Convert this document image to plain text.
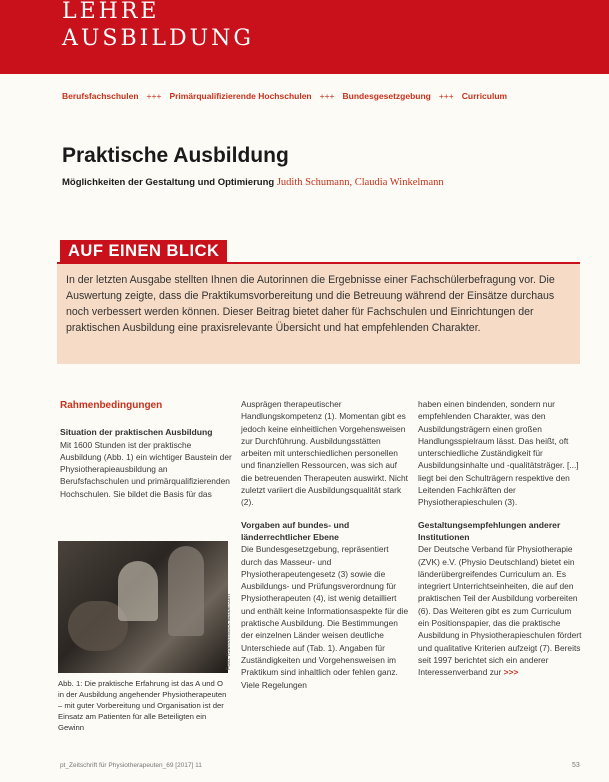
LEHRE
AUSBILDUNG
Berufsfachschulen +++ Primärqualifizierende Hochschulen +++ Bundesgesetzgebung +++ Curriculum
Praktische Ausbildung
Möglichkeiten der Gestaltung und Optimierung Judith Schumann, Claudia Winkelmann
AUF EINEN BLICK

In der letzten Ausgabe stellten Ihnen die Autorinnen die Ergebnisse einer Fachschülerbefragung vor. Die Auswertung zeigte, dass die Praktikumsvorbereitung und die Betreuung während der Einsätze durchaus noch verbessert werden können. Dieser Beitrag bietet daher für Fachschulen und Einrichtungen der praktischen Ausbildung eine praxisrelevante Übersicht und hat empfehlenden Charakter.

Rahmenbedingungen

Situation der praktischen Ausbildung

Mit 1600 Stunden ist der praktische Ausbildung (Abb. 1) ein wichtiger Baustein der Physiotherapieausbildung an Berufsfachschulen und primärqualifizierenden Hochschulen. Sie bildet die Basis für das

Foto: Kzenon/stock.adobe.com
Abb. 1: Die praktische Erfahrung ist das A und O in der Ausbildung angehender Physiotherapeuten – mit guter Vorbereitung und Organisation ist der Einsatz am Patienten für alle Beteiligten ein Gewinn

Ausprägen therapeutischer Handlungskompetenz (1). Momentan gibt es jedoch keine einheitlichen Vorgehensweisen zur Durchführung. Ausbildungsstätten arbeiten mit unterschiedlichen personellen und finanziellen Ressourcen, was sich auf die betreuenden Therapeuten auswirkt. Nicht zuletzt variiert die Ausbildungsqualität stark (2).

Vorgaben auf bundes- und länderrechtlicher Ebene

Die Bundesgesetzgebung, repräsentiert durch das Masseur- und Physiotherapeutengesetz (3) sowie die Ausbildungs- und Prüfungsverordnung für Physiotherapeuten (4), ist wenig detailliert und enthält keine Informationsaspekte für die praktische Ausbildung. Die Bestimmungen der einzelnen Länder weisen deutliche Unterschiede auf (Tab. 1). Angaben für Zuständigkeiten und Vorgehensweisen im Praktikum sind inhaltlich oder fehlen ganz. Viele Regelungen

haben einen bindenden, sondern nur empfehlenden Charakter, was den Ausbildungsträgern einen großen Handlungsspielraum lässt. Das heißt, oft unterschiedliche Zuständigkeit für Ausbildungsinhalte und -qualitätsträger. [...] liegt bei den Schulträgern respektive den Leitenden Fachkräften der Physiotherapieschulen (3).

Gestaltungsempfehlungen anderer Institutionen

Der Deutsche Verband für Physiotherapie (ZVK) e.V. (Physio Deutschland) bietet ein länderübergreifendes Curriculum an. Es integriert Unterrichtseinheiten, die auf den praktischen Teil der Ausbildung vorbereiten (6). Das Weiteren gibt es zum Curriculum ein Positionspapier, das die praktische Ausbildung in Physiotherapieschulen fördert und qualitative Kriterien aufzeigt (7). Bereits seit 1997 berichtet sich ein anderer Interessenverband zur >>>

pt_Zeitschrift für Physiotherapeuten_69 [2017] 11	53
